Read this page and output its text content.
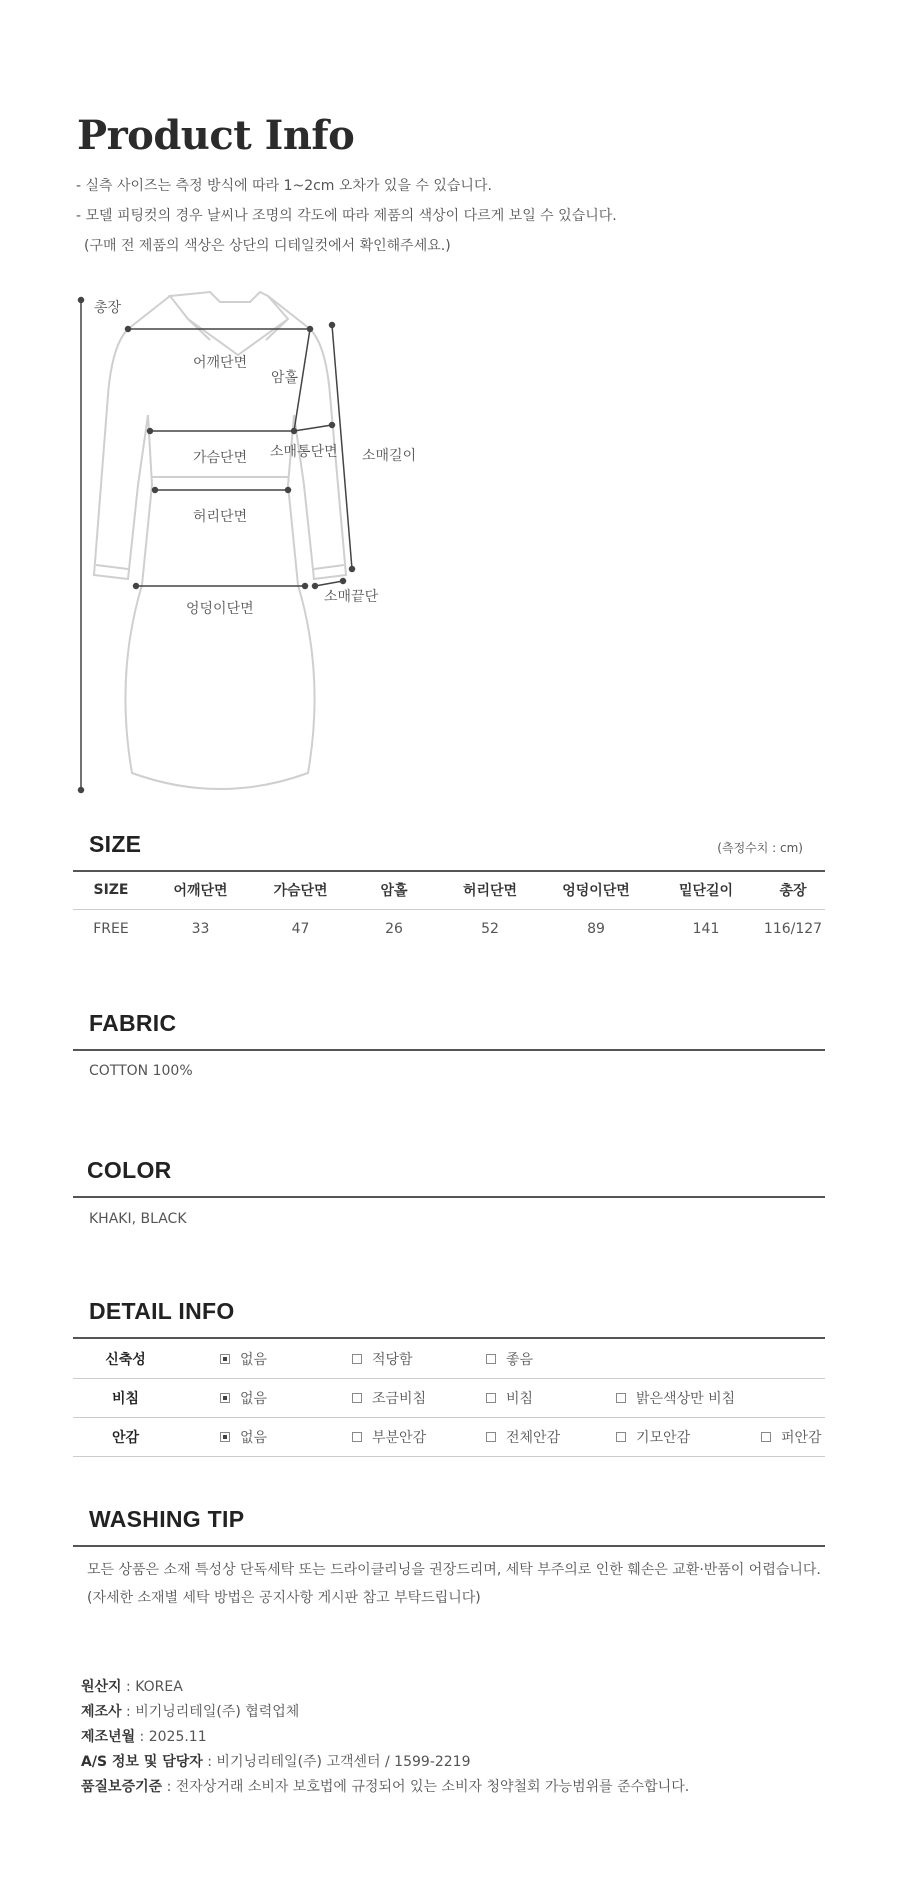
Product Info
- 실측 사이즈는 측정 방식에 따라 1~2cm 오차가 있을 수 있습니다.
- 모델 피팅컷의 경우 날씨나 조명의 각도에 따라 제품의 색상이 다르게 보일 수 있습니다.
(구매 전 제품의 색상은 상단의 디테일컷에서 확인해주세요.)
총장
어깨단면
암홀
가슴단면 소매통단면 소매길이
허리단면
엉덩이단면
소매끝단
SIZE	(측정수치 : cm)
SIZE	어깨단면	가슴단면	암홀	허리단면	엉덩이단면	밑단길이	총장
FREE	33	47	26	52	89	141	116/127
FABRIC
COTTON 100%
COLOR
KHAKI, BLACK
DETAIL INFO
신축성	없음	적당함	좋음		

비침	없음	조금비침	비침	밝은색상만 비침	

안감	없음	부분안감	전체안감	기모안감	퍼안감
WASHING TIP
모든 상품은 소재 특성상 단독세탁 또는 드라이클리닝을 권장드리며, 세탁 부주의로 인한 훼손은 교환·반품이 어렵습니다.
(자세한 소재별 세탁 방법은 공지사항 게시판 참고 부탁드립니다)
원산지 : KOREA
제조사 : 비기닝리테일(주) 협력업체
제조년월 : 2025.11
A/S 정보 및 담당자 : 비기닝리테일(주) 고객센터 / 1599-2219
품질보증기준 : 전자상거래 소비자 보호법에 규정되어 있는 소비자 청약철회 가능범위를 준수합니다.
